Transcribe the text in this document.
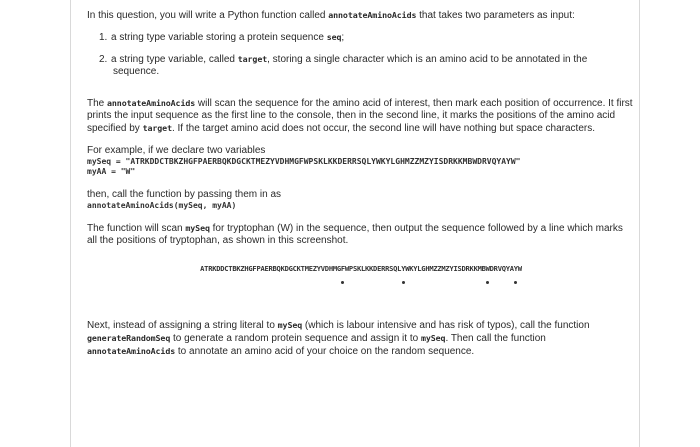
In this question, you will write a Python function called annotateAminoAcids that takes two parameters as input:

1. a string type variable storing a protein sequence seq;
2. a string type variable, called target, storing a single character which is an amino acid to be annotated in the sequence.

The annotateAminoAcids will scan the sequence for the amino acid of interest, then mark each position of occurrence. It first prints the input sequence as the first line to the console, then in the second line, it marks the positions of the amino acid specified by target. If the target amino acid does not occur, the second line will have nothing but space characters.

For example, if we declare two variables

mySeq = "ATRKDDCTBKZHGFPAERBQKDGCKTMEZYVDHMGFWPSKLKKDERRSQLYWKYLGHMZZMZYISDRKKMBWDRVQYAYW"
myAA = "W"

then, call the function by passing them in as

annotateAminoAcids(mySeq, myAA)

The function will scan mySeq for tryptophan (W) in the sequence, then output the sequence followed by a line which marks all the positions of tryptophan, as shown in this screenshot.

ATRKDDCTBKZHGFPAERBQKDGCKTMEZYVDHMGFWPSKLKKDERRSQLYWKYLGHMZZMZYISDRKKMBWDRVQYAYW

Next, instead of assigning a string literal to mySeq (which is labour intensive and has risk of typos), call the function generateRandomSeq to generate a random protein sequence and assign it to mySeq. Then call the function annotateAminoAcids to annotate an amino acid of your choice on the random sequence.
